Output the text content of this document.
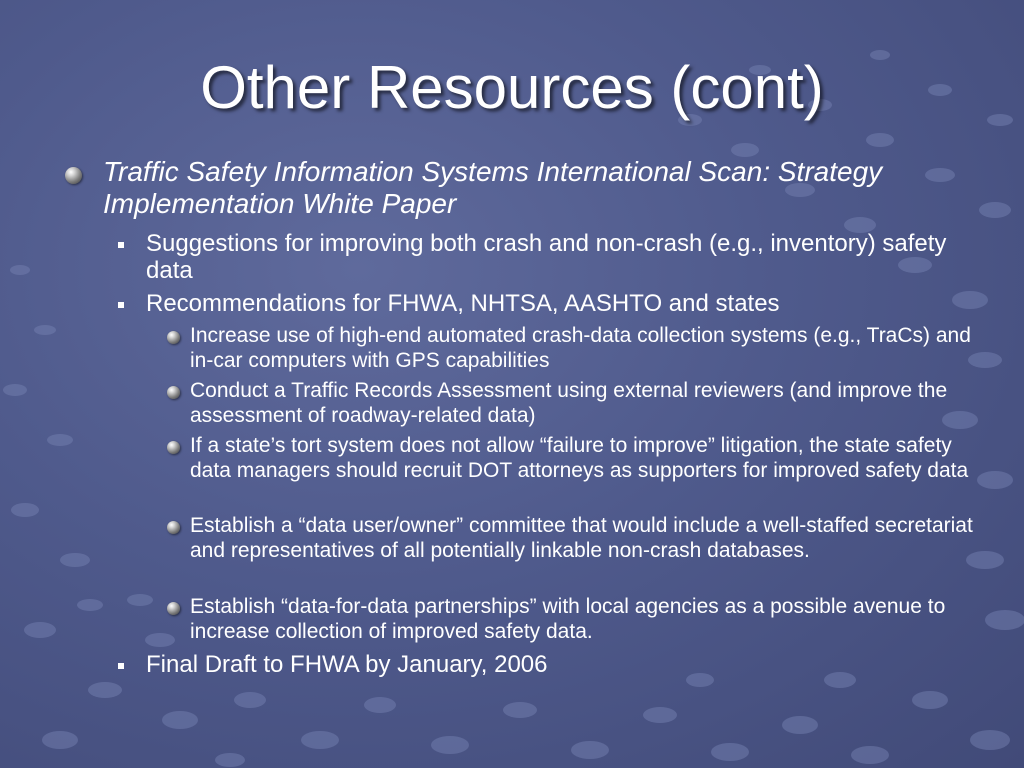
Other Resources (cont)
Traffic Safety Information Systems International Scan: Strategy Implementation White Paper
Suggestions for improving both crash and non-crash (e.g., inventory) safety data
Recommendations for FHWA, NHTSA, AASHTO and states
Increase use of high-end automated crash-data collection systems (e.g., TraCs) and in-car computers with GPS capabilities
Conduct a Traffic Records Assessment using external reviewers (and improve the assessment of roadway-related data)
If a state’s tort system does not allow “failure to improve” litigation, the state safety data managers should recruit DOT attorneys as supporters for improved safety data
Establish a “data user/owner” committee that would include a well-staffed secretariat and representatives of all potentially linkable non-crash databases.
Establish “data-for-data partnerships” with local agencies as a possible avenue to increase collection of improved safety data.
Final Draft to FHWA by January, 2006
